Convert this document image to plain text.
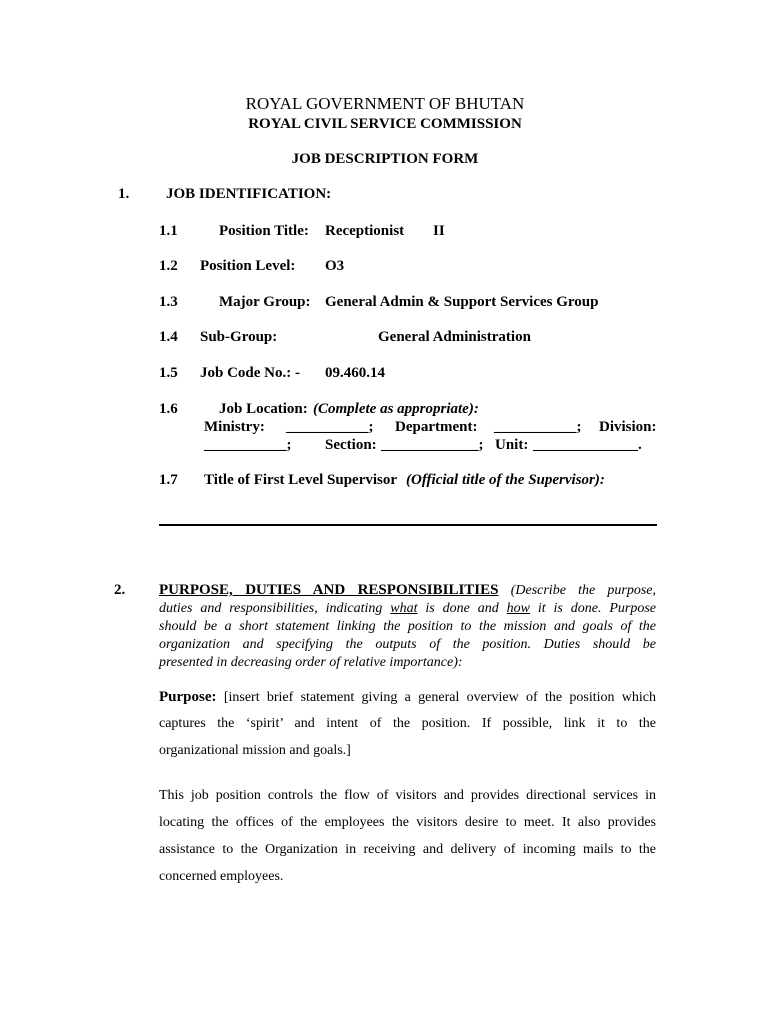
ROYAL GOVERNMENT OF BHUTAN
ROYAL CIVIL SERVICE COMMISSION
JOB DESCRIPTION FORM
1. JOB IDENTIFICATION:
1.1	Position Title: Receptionist II
1.2 Position Level: O3
1.3	Major Group: General Admin & Support Services Group
1.4 Sub-Group:	General Administration
1.5 Job Code No.: - 09.460.14
1.6	Job Location: (Complete as appropriate):
Ministry: ___________; Department: ___________; Division:
___________; Section: _____________; Unit: ______________.
1.7 Title of First Level Supervisor (Official title of the Supervisor):
2. PURPOSE, DUTIES AND RESPONSIBILITIES (Describe the purpose,
duties and responsibilities, indicating what is done and how it is done. Purpose
should be a short statement linking the position to the mission and goals of the
organization and specifying the outputs of the position. Duties should be
presented in decreasing order of relative importance):
Purpose: [insert brief statement giving a general overview of the position which
captures the ‘spirit’ and intent of the position. If possible, link it to the
organizational mission and goals.]
This job position controls the flow of visitors and provides directional services in
locating the offices of the employees the visitors desire to meet. It also provides
assistance to the Organization in receiving and delivery of incoming mails to the
concerned employees.
